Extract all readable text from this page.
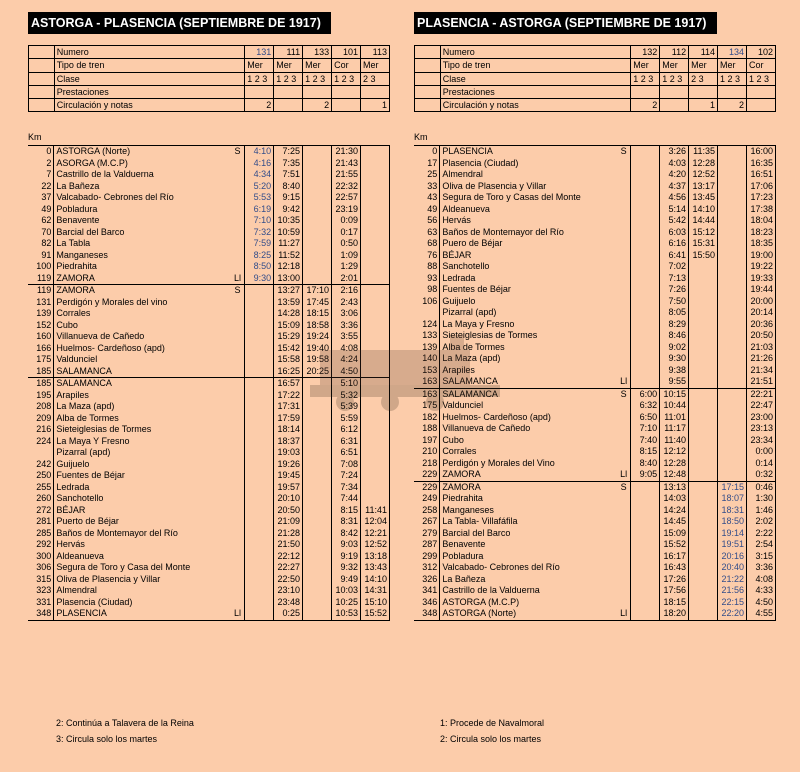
ASTORGA - PLASENCIA (SEPTIEMBRE DE 1917)
Km
	Numero	131	111	133	101	113
	Tipo de tren	Mer	Mer	Mer	Cor	Mer
	Clase	1 2 3	1 2 3	1 2 3	1 2 3	2 3
	Prestaciones					
	Circulación y notas	2		2		1
0	ASTORGA (Norte)	S	4:10	7:25		21:30	
2	ASORGA (M.C.P)		4:16	7:35		21:43	
7	Castrillo de la Valduerna		4:34	7:51		21:55	
22	La Bañeza		5:20	8:40		22:32	
37	Valcabado- Cebrones del Río		5:53	9:15		22:57	
49	Pobladura		6:19	9:42		23:19	
62	Benavente		7:10	10:35		0:09	
70	Barcial del Barco		7:32	10:59		0:17	
82	La Tabla		7:59	11:27		0:50	
91	Manganeses		8:25	11:52		1:09	
100	Piedrahita		8:50	12:18		1:29	
119	ZAMORA	Ll	9:30	13:00		2:01	
119	ZAMORA	S		13:27	17:10	2:16	
131	Perdigón y Morales del vino			13:59	17:45	2:43	
139	Corrales			14:28	18:15	3:06	
152	Cubo			15:09	18:58	3:36	
160	Villanueva de Cañedo			15:29	19:24	3:55	
166	Huelmos- Cardeñoso (apd)			15:42	19:40	4:08	
175	Valdunciel			15:58	19:58	4:24	
185	SALAMANCA			16:25	20:25	4:50	
185	SALAMANCA			16:57		5:10	
195	Arapiles			17:22		5:32	
208	La Maza (apd)			17:31		5:39	
209	Alba de Tormes			17:59		5:59	
216	Sieteiglesias de Tormes			18:14		6:12	
224	La Maya Y Fresno			18:37		6:31	
	Pizarral (apd)			19:03		6:51	
242	Guijuelo			19:26		7:08	
250	Fuentes de Béjar			19:45		7:24	
255	Ledrada			19:57		7:34	
260	Sanchotello			20:10		7:44	
272	BÉJAR			20:50		8:15	11:41
281	Puerto de Béjar			21:09		8:31	12:04
285	Baños de Montemayor del Río			21:28		8:42	12:21
292	Hervás			21:50		9:03	12:52
300	Aldeanueva			22:12		9:19	13:18
306	Segura de Toro y Casa del Monte			22:27		9:32	13:43
315	Oliva de Plasencia y Villar			22:50		9:49	14:10
323	Almendral			23:10		10:03	14:31
331	Plasencia (Ciudad)			23:48		10:25	15:10
348	PLASENCIA	Ll		0:25		10:53	15:52
PLASENCIA - ASTORGA (SEPTIEMBRE DE 1917)
Km
	Numero	132	112	114	134	102
	Tipo de tren	Mer	Mer	Mer	Mer	Cor
	Clase	1 2 3	1 2 3	2 3	1 2 3	1 2 3
	Prestaciones					
	Circulación y notas	2		1	2	
0	PLASENCIA	S		3:26	11:35		16:00
17	Plasencia (Ciudad)			4:03	12:28		16:35
25	Almendral			4:20	12:52		16:51
33	Oliva de Plasencia y Villar			4:37	13:17		17:06
43	Segura de Toro y Casas del Monte			4:56	13:45		17:23
49	Aldeanueva			5:14	14:10		17:38
56	Hervás			5:42	14:44		18:04
63	Baños de Montemayor del Río			6:03	15:12		18:23
68	Puero de Béjar			6:16	15:31		18:35
76	BÉJAR			6:41	15:50		19:00
88	Sanchotello			7:02			19:22
93	Ledrada			7:13			19:33
98	Fuentes de Béjar			7:26			19:44
106	Guijuelo			7:50			20:00
	Pizarral (apd)			8:05			20:14
124	La Maya y Fresno			8:29			20:36
133	Sieteiglesias de Tormes			8:46			20:50
139	Alba de Tormes			9:02			21:03
140	La Maza (apd)			9:30			21:26
153	Arapiles			9:38			21:34
163	SALAMANCA	Ll		9:55			21:51
163	SALAMANCA	S	6:00	10:15			22:21
175	Valdunciel		6:32	10:44			22:47
182	Huelmos- Cardeñoso (apd)		6:50	11:01			23:00
188	Villanueva de Cañedo		7:10	11:17			23:13
197	Cubo		7:40	11:40			23:34
210	Corrales		8:15	12:12			0:00
218	Perdigón y Morales del Vino		8:40	12:28			0:14
229	ZAMORA	Ll	9:05	12:48			0:32
229	ZAMORA	S		13:13		17:15	0:46
249	Piedrahita			14:03		18:07	1:30
258	Manganeses			14:24		18:31	1:46
267	La Tabla- Villafáfila			14:45		18:50	2:02
279	Barcial del Barco			15:09		19:14	2:22
287	Benavente			15:52		19:51	2:54
299	Pobladura			16:17		20:16	3:15
312	Valcabado- Cebrones del Río			16:43		20:40	3:36
326	La Bañeza			17:26		21:22	4:08
341	Castrillo de la Valduerna			17:56		21:56	4:33
346	ASTORGA (M.C.P)			18:15		22:15	4:50
348	ASTORGA (Norte)	Ll		18:20		22:20	4:55
2: Continúa a Talavera de la Reina
3: Circula solo los martes
1: Procede de Navalmoral
2: Circula solo los martes
